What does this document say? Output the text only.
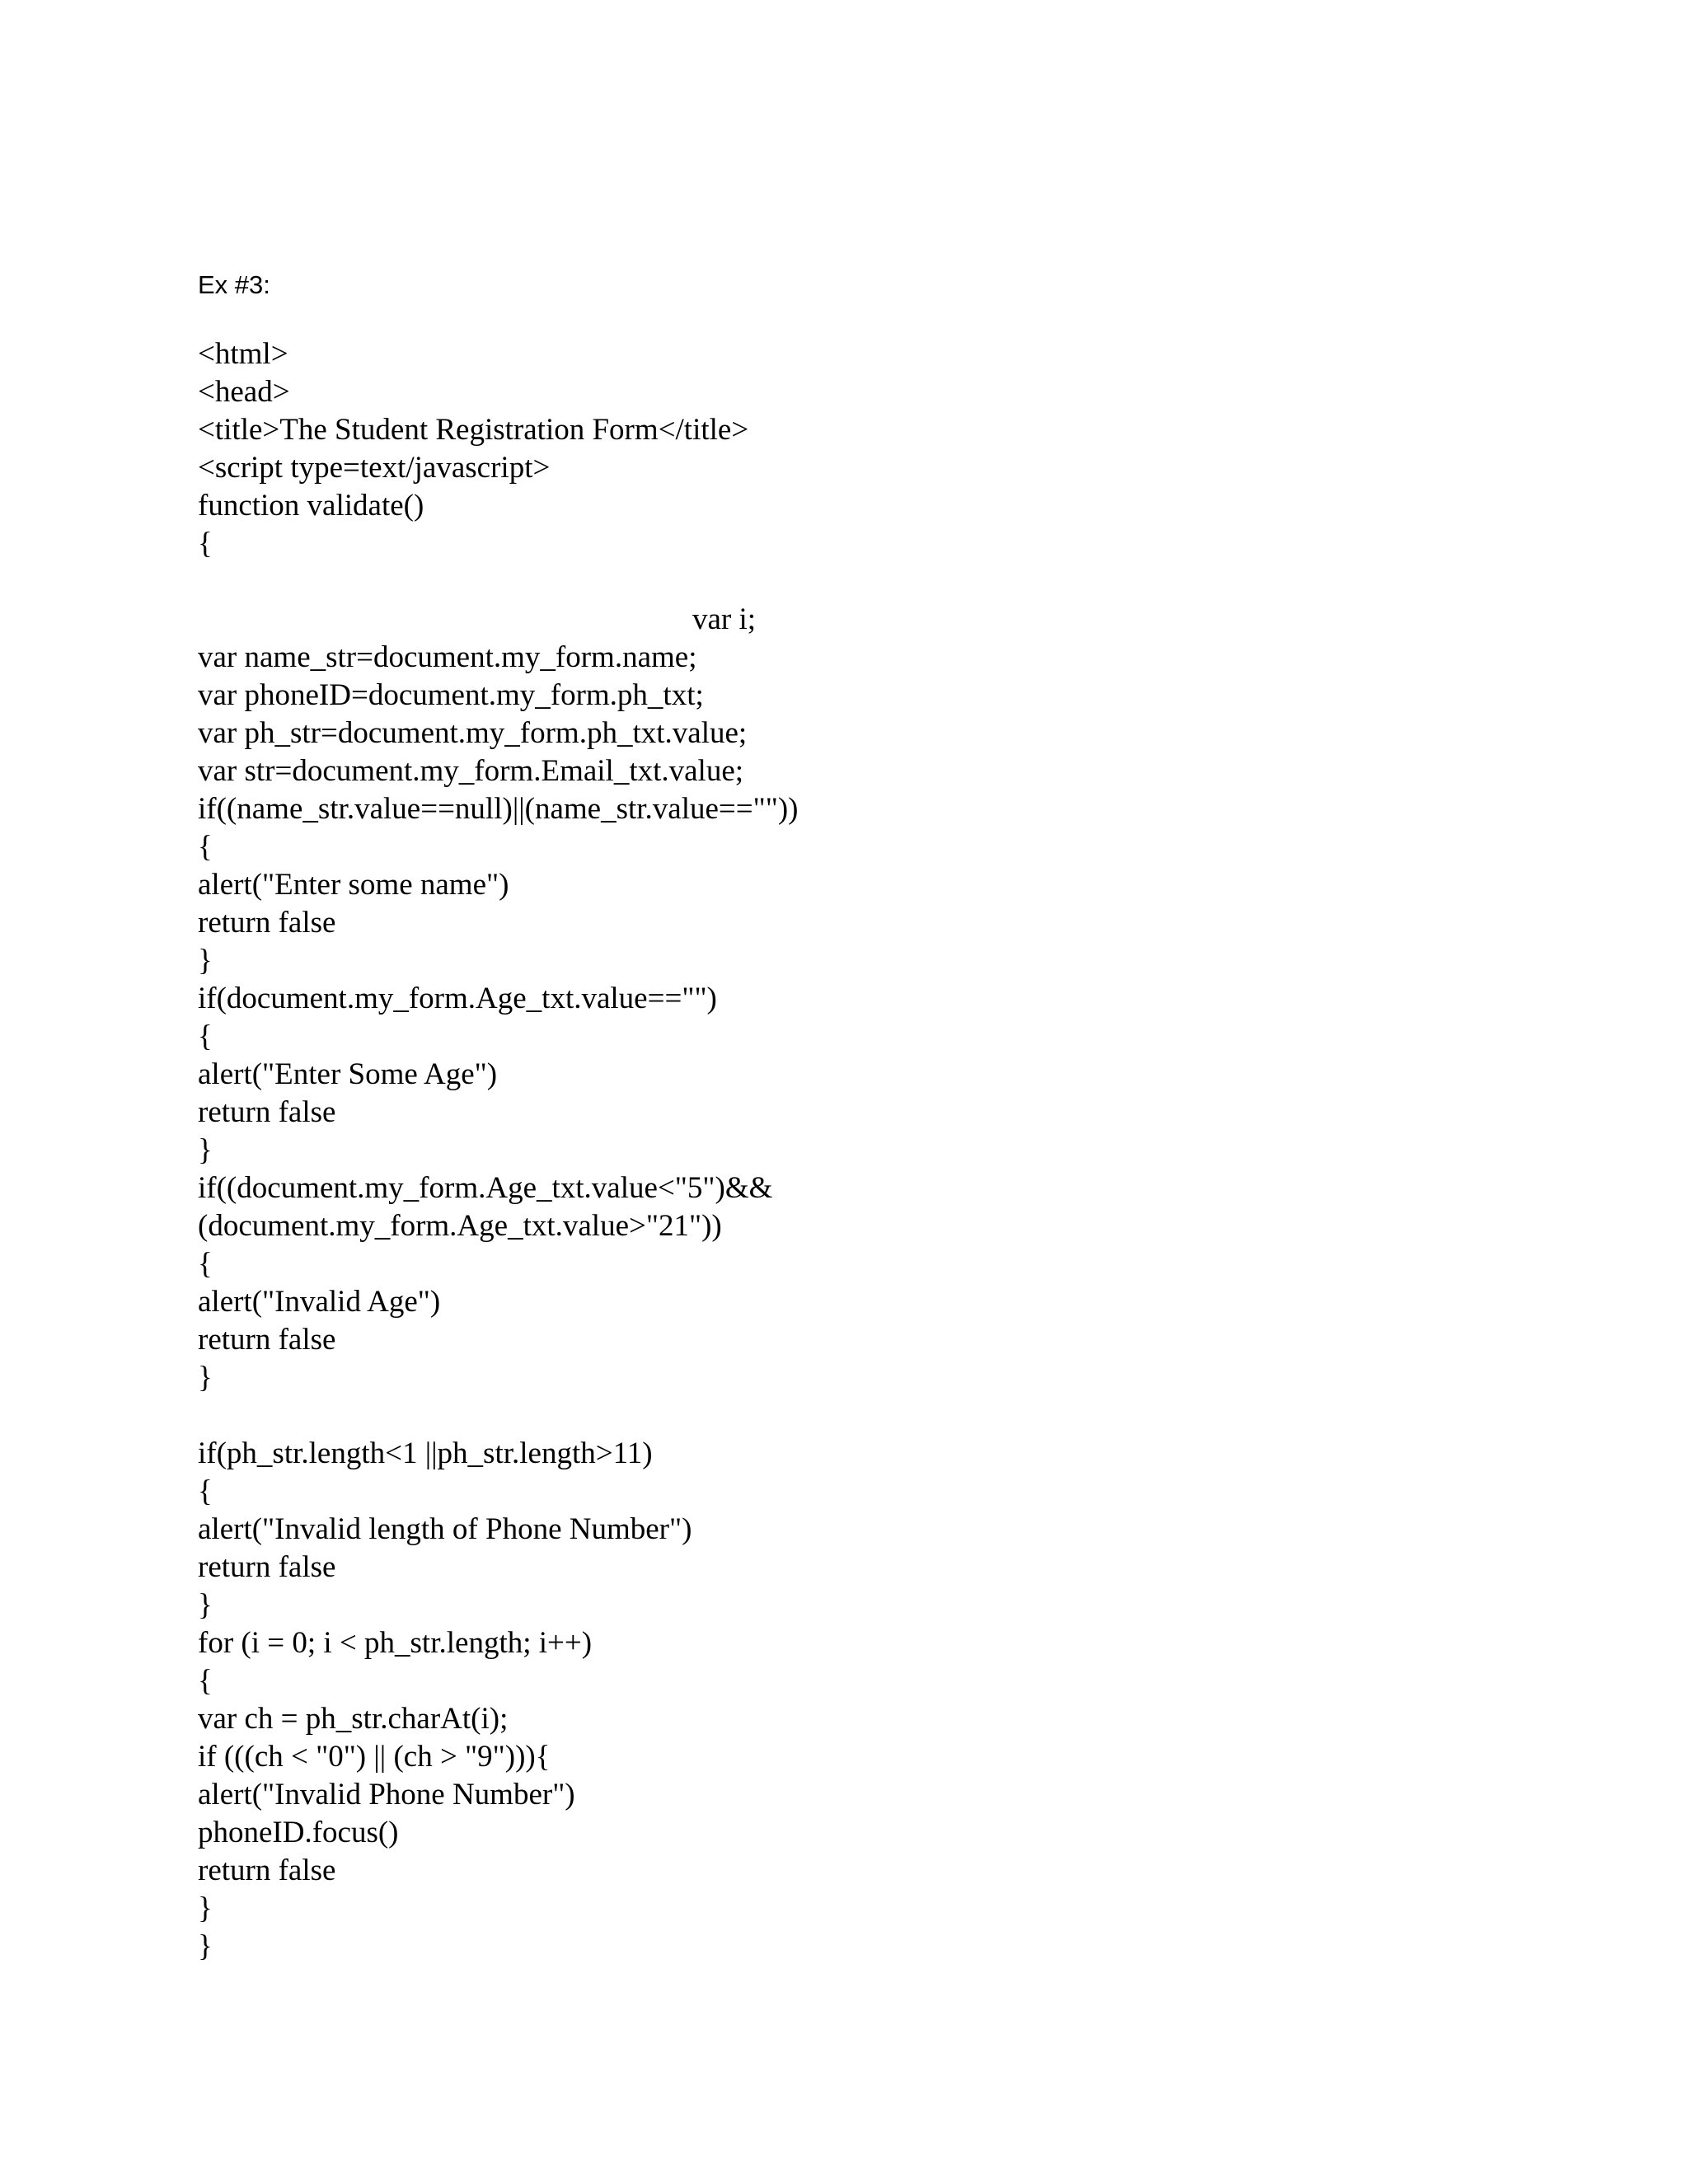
Ex #3:
<html>
<head>
<title>The Student Registration Form</title>
<script type=text/javascript>
function validate()
{
var i;
var name_str=document.my_form.name;
var phoneID=document.my_form.ph_txt;
var ph_str=document.my_form.ph_txt.value;
var str=document.my_form.Email_txt.value;
if((name_str.value==null)||(name_str.value==""))
{
alert("Enter some name")
return false
}
if(document.my_form.Age_txt.value=="")
{
alert("Enter Some Age")
return false
}
if((document.my_form.Age_txt.value<"5")&&
(document.my_form.Age_txt.value>"21"))
{
alert("Invalid Age")
return false
}
if(ph_str.length<1 ||ph_str.length>11)
{
alert("Invalid length of Phone Number")
return false
}
for (i = 0; i < ph_str.length; i++)
{
var ch = ph_str.charAt(i);
if (((ch < "0") || (ch > "9"))){
alert("Invalid Phone Number")
phoneID.focus()
return false
}
}
